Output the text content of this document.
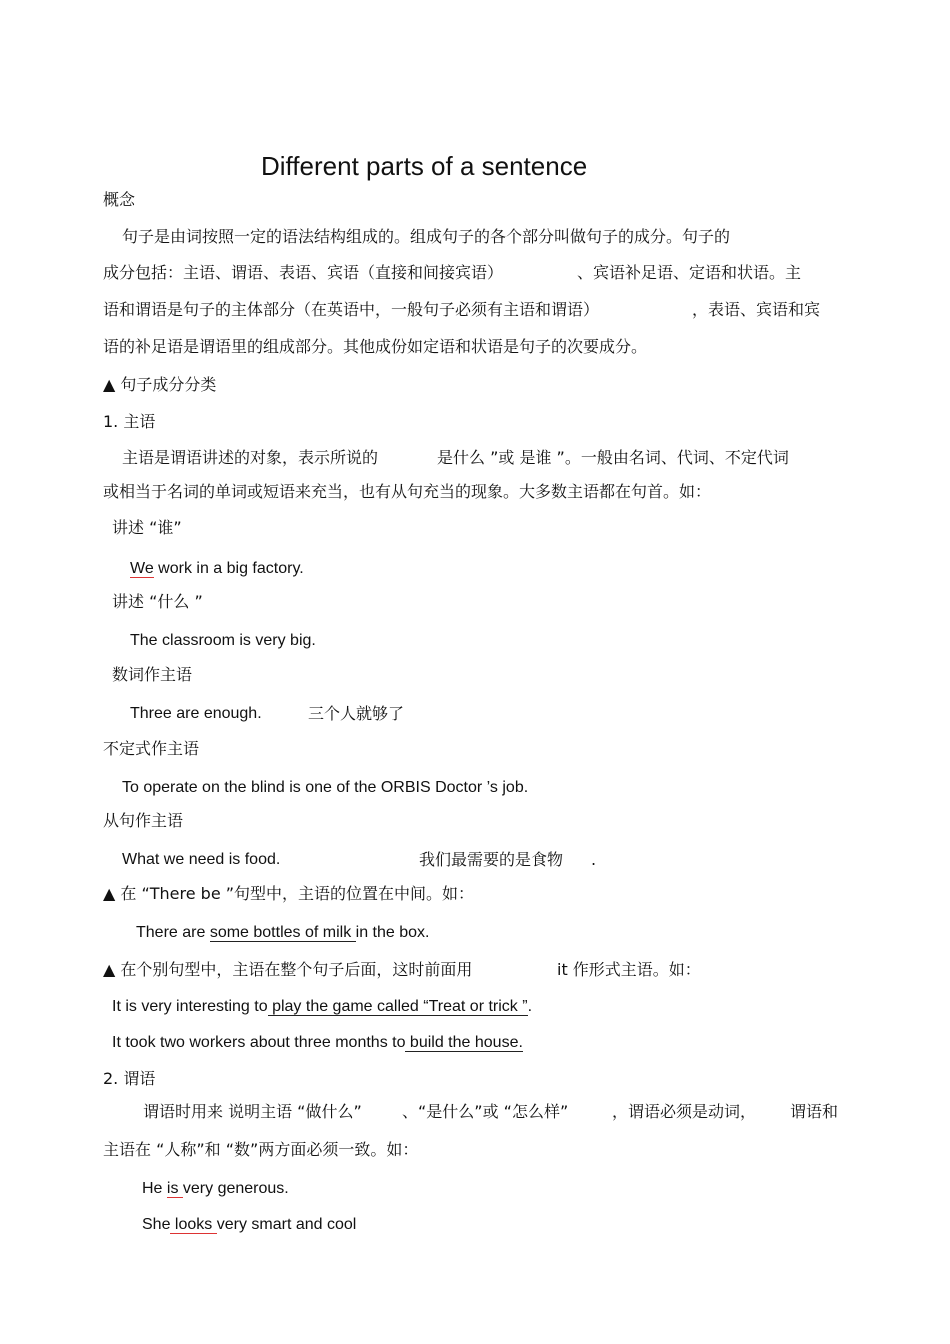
Different parts of a sentence
概念
句子是由词按照一定的语法结构组成的。组成句子的各个部分叫做句子的成分。句子的
成分包括：主语、谓语、表语、宾语（直接和间接宾语）	、宾语补足语、定语和状语。主
语和谓语是句子的主体部分（在英语中，一般句子必须有主语和谓语）	，表语、宾语和宾
语的补足语是谓语里的组成部分。其他成份如定语和状语是句子的次要成分。
▲ 句子成分分类
1. 主语
主语是谓语讲述的对象，表示所说的	是什么 ”或 是谁 ”。一般由名词、代词、不定代词
或相当于名词的单词或短语来充当，也有从句充当的现象。大多数主语都在句首。如：
讲述 “谁”
We work in a big factory.
讲述 “什么 ”
The classroom is very big.
数词作主语
Three are enough.	三个人就够了
不定式作主语
To operate on the blind is one of the ORBIS Doctor ’s job.
从句作主语
What we need is food.	我们最需要的是食物 .
▲ 在 “There be ”句型中，主语的位置在中间。如：
There are some bottles of milk in the box.
▲ 在个别句型中，主语在整个句子后面，这时前面用	it 作形式主语。如：
It is very interesting to play the game called “Treat or trick ”.
It took two workers about three months to build the house.
2. 谓语
谓语时用来 说明主语 “做什么”	、“是什么”或 “怎么样”	，谓语必须是动词， 谓语和
主语在 “人称”和 “数”两方面必须一致。如：
He is very generous.
She looks very smart and cool
